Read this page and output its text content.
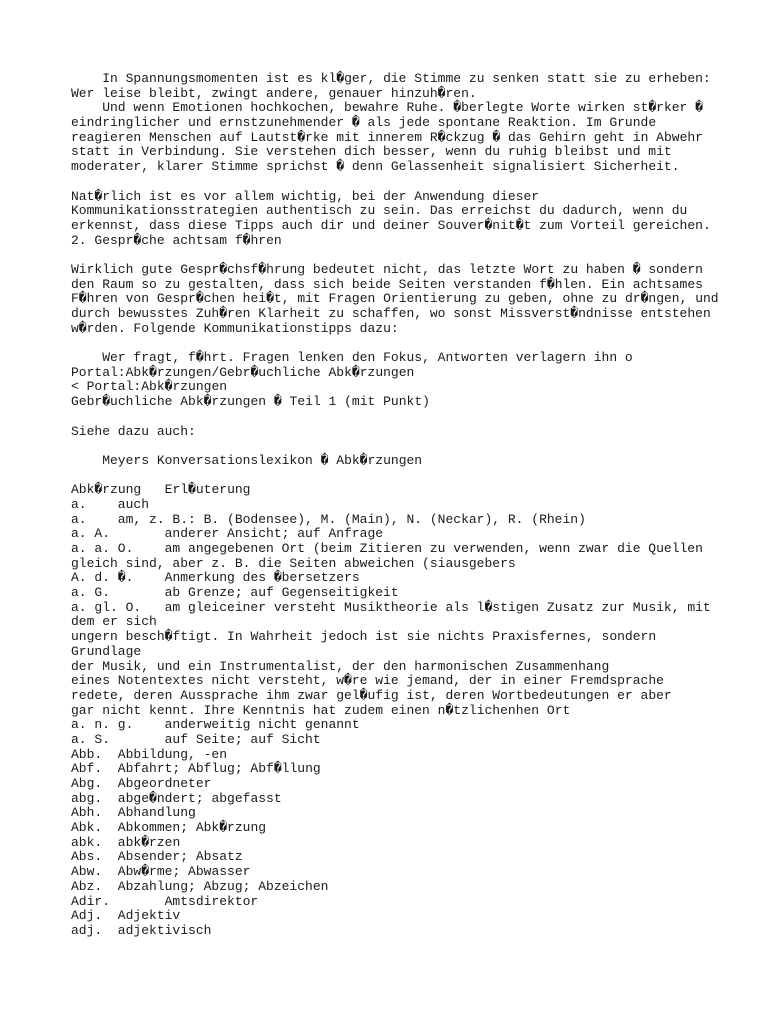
In Spannungsmomenten ist es kl�ger, die Stimme zu senken statt sie zu erheben:
Wer leise bleibt, zwingt andere, genauer hinzuh�ren.
Und wenn Emotionen hochkochen, bewahre Ruhe. �berlegte Worte wirken st�rker �
eindringlicher und ernstzunehmender � als jede spontane Reaktion. Im Grunde
reagieren Menschen auf Lautst�rke mit innerem R�ckzug � das Gehirn geht in Abwehr
statt in Verbindung. Sie verstehen dich besser, wenn du ruhig bleibst und mit
moderater, klarer Stimme sprichst � denn Gelassenheit signalisiert Sicherheit.
Nat�rlich ist es vor allem wichtig, bei der Anwendung dieser
Kommunikationsstrategien authentisch zu sein. Das erreichst du dadurch, wenn du
erkennst, dass diese Tipps auch dir und deiner Souver�nit�t zum Vorteil gereichen.
2. Gespr�che achtsam f�hren
Wirklich gute Gespr�chsf�hrung bedeutet nicht, das letzte Wort zu haben � sondern
den Raum so zu gestalten, dass sich beide Seiten verstanden f�hlen. Ein achtsames
F�hren von Gespr�chen hei�t, mit Fragen Orientierung zu geben, ohne zu dr�ngen, und
durch bewusstes Zuh�ren Klarheit zu schaffen, wo sonst Missverst�ndnisse entstehen
w�rden. Folgende Kommunikationstipps dazu:
Wer fragt, f�hrt. Fragen lenken den Fokus, Antworten verlagern ihn o
Portal:Abk�rzungen/Gebr�uchliche Abk�rzungen
< Portal:Abk�rzungen
Gebr�uchliche Abk�rzungen � Teil 1 (mit Punkt)
Siehe dazu auch:
Meyers Konversationslexikon � Abk�rzungen
Abk�rzung   Erl�uterung
a.    auch
a.    am, z. B.: B. (Bodensee), M. (Main), N. (Neckar), R. (Rhein)
a. A.       anderer Ansicht; auf Anfrage
a. a. O.    am angegebenen Ort (beim Zitieren zu verwenden, wenn zwar die Quellen
gleich sind, aber z. B. die Seiten abweichen (siausgebers
A. d. �.    Anmerkung des �bersetzers
a. G.       ab Grenze; auf Gegenseitigkeit
a. gl. O.   am gleiceiner versteht Musiktheorie als l�stigen Zusatz zur Musik, mit
dem er sich
ungern besch�ftigt. In Wahrheit jedoch ist sie nichts Praxisfernes, sondern
Grundlage
der Musik, und ein Instrumentalist, der den harmonischen Zusammenhang
eines Notentextes nicht versteht, w�re wie jemand, der in einer Fremdsprache
redete, deren Aussprache ihm zwar gel�ufig ist, deren Wortbedeutungen er aber
gar nicht kennt. Ihre Kenntnis hat zudem einen n�tzlichenhen Ort
a. n. g.    anderweitig nicht genannt
a. S.       auf Seite; auf Sicht
Abb.  Abbildung, -en
Abf.  Abfahrt; Abflug; Abf�llung
Abg.  Abgeordneter
abg.  abge�ndert; abgefasst
Abh.  Abhandlung
Abk.  Abkommen; Abk�rzung
abk.  abk�rzen
Abs.  Absender; Absatz
Abw.  Abw�rme; Abwasser
Abz.  Abzahlung; Abzug; Abzeichen
Adir.       Amtsdirektor
Adj.  Adjektiv
adj.  adjektivisch
